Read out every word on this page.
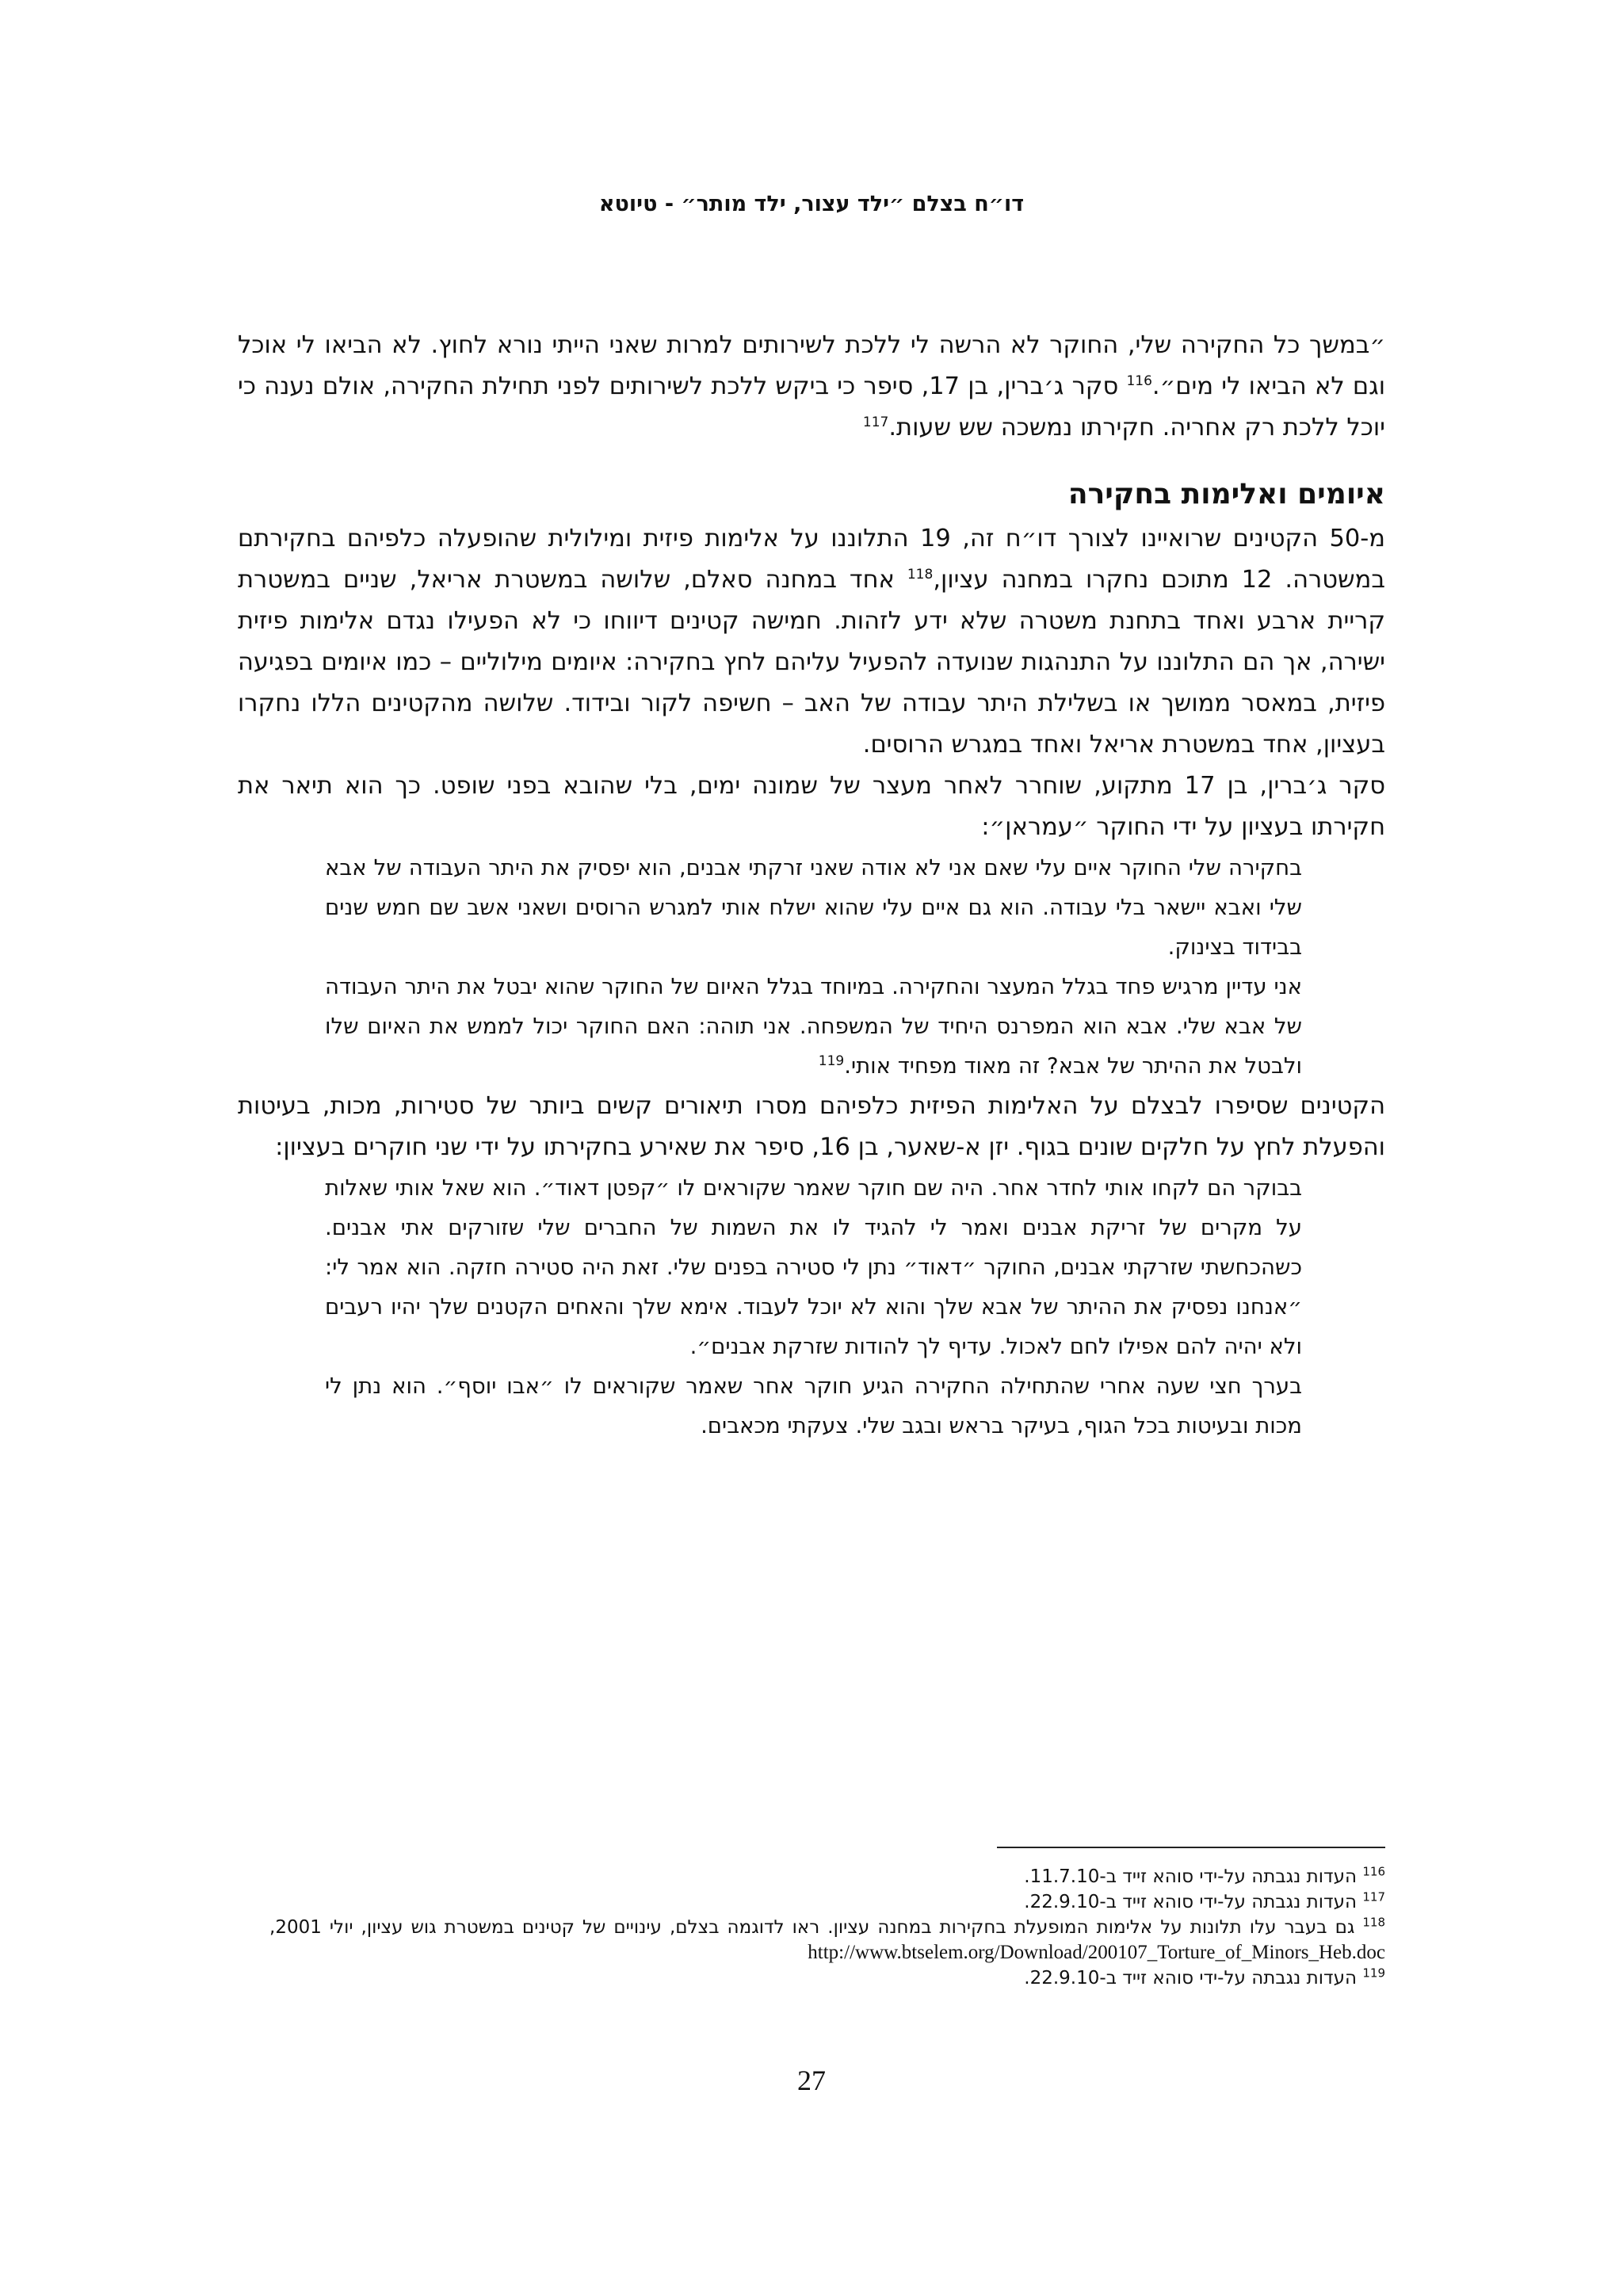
דו״ח בצלם ״ילד עצור, ילד מותר״ - טיוטא

״במשך כל החקירה שלי, החוקר לא הרשה לי ללכת לשירותים למרות שאני הייתי נורא לחוץ. לא הביאו לי אוכל וגם לא הביאו לי מים״.$^{116}$ סקר ג׳ברין, בן 17, סיפר כי ביקש ללכת לשירותים לפני תחילת החקירה, אולם נענה כי יוכל ללכת רק אחריה. חקירתו נמשכה שש שעות.$^{117}$

איומים ואלימות בחקירה

מ-50 הקטינים שרואיינו לצורך דו״ח זה, 19 התלוננו על אלימות פיזית ומילולית שהופעלה כלפיהם בחקירתם במשטרה. 12 מתוכם נחקרו במחנה עציון,$^{118}$ אחד במחנה סאלם, שלושה במשטרת אריאל, שניים במשטרת קריית ארבע ואחד בתחנת משטרה שלא ידע לזהות. חמישה קטינים דיווחו כי לא הפעילו נגדם אלימות פיזית ישירה, אך הם התלוננו על התנהגות שנועדה להפעיל עליהם לחץ בחקירה: איומים מילוליים – כמו איומים בפגיעה פיזית, במאסר ממושך או בשלילת היתר עבודה של האב – חשיפה לקור ובידוד. שלושה מהקטינים הללו נחקרו בעציון, אחד במשטרת אריאל ואחד במגרש הרוסים.

סקר ג׳ברין, בן 17 מתקוע, שוחרר לאחר מעצר של שמונה ימים, בלי שהובא בפני שופט. כך הוא תיאר את חקירתו בעציון על ידי החוקר ״עמראן״:

בחקירה שלי החוקר איים עלי שאם אני לא אודה שאני זרקתי אבנים, הוא יפסיק את היתר העבודה של אבא שלי ואבא יישאר בלי עבודה. הוא גם איים עלי שהוא ישלח אותי למגרש הרוסים ושאני אשב שם חמש שנים בבידוד בצינוק.

אני עדיין מרגיש פחד בגלל המעצר והחקירה. במיוחד בגלל האיום של החוקר שהוא יבטל את היתר העבודה של אבא שלי. אבא הוא המפרנס היחיד של המשפחה. אני תוהה: האם החוקר יכול לממש את האיום שלו ולבטל את ההיתר של אבא? זה מאוד מפחיד אותי.$^{119}$

הקטינים שסיפרו לבצלם על האלימות הפיזית כלפיהם מסרו תיאורים קשים ביותר של סטירות, מכות, בעיטות והפעלת לחץ על חלקים שונים בגוף. יזן א-שאער, בן 16, סיפר את שאירע בחקירתו על ידי שני חוקרים בעציון:

בבוקר הם לקחו אותי לחדר אחר. היה שם חוקר שאמר שקוראים לו ״קפטן דאוד״. הוא שאל אותי שאלות על מקרים של זריקת אבנים ואמר לי להגיד לו את השמות של החברים שלי שזורקים אתי אבנים. כשהכחשתי שזרקתי אבנים, החוקר ״דאוד״ נתן לי סטירה בפנים שלי. זאת היה סטירה חזקה. הוא אמר לי: ״אנחנו נפסיק את ההיתר של אבא שלך והוא לא יוכל לעבוד. אימא שלך והאחים הקטנים שלך יהיו רעבים ולא יהיה להם אפילו לחם לאכול. עדיף לך להודות שזרקת אבנים״.

בערך חצי שעה אחרי שהתחילה החקירה הגיע חוקר אחר שאמר שקוראים לו ״אבו יוסף״. הוא נתן לי מכות ובעיטות בכל הגוף, בעיקר בראש ובגב שלי. צעקתי מכאבים.

$^{116}$ העדות נגבתה על-ידי סוהא זייד ב-11.7.10.

$^{117}$ העדות נגבתה על-ידי סוהא זייד ב-22.9.10.

$^{118}$ גם בעבר עלו תלונות על אלימות המופעלת בחקירות במחנה עציון. ראו לדוגמה בצלם, עינויים של קטינים במשטרת גוש עציון, יולי 2001, http://www.btselem.org/Download/200107_Torture_of_Minors_Heb.doc

$^{119}$ העדות נגבתה על-ידי סוהא זייד ב-22.9.10.

27
